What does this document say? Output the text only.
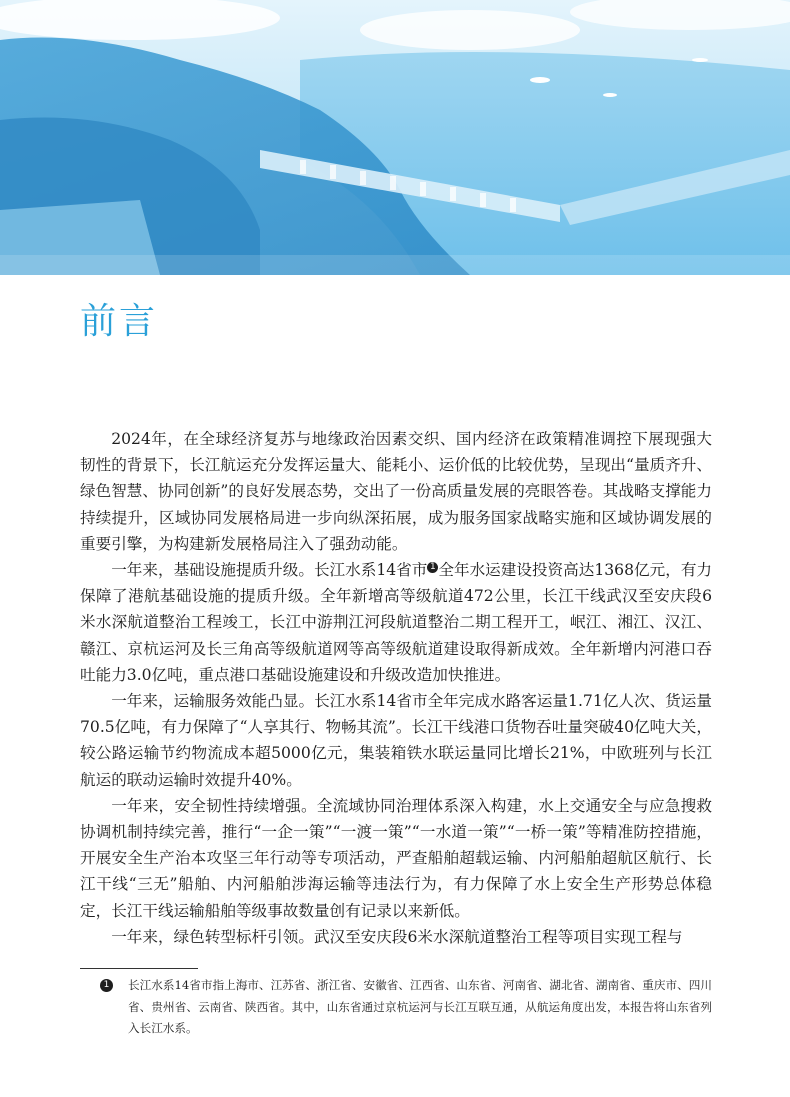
前言

2024年，在全球经济复苏与地缘政治因素交织、国内经济在政策精准调控下展现强大韧性的背景下，长江航运充分发挥运量大、能耗小、运价低的比较优势，呈现出“量质齐升、绿色智慧、协同创新”的良好发展态势，交出了一份高质量发展的亮眼答卷。其战略支撑能力持续提升，区域协同发展格局进一步向纵深拓展，成为服务国家战略实施和区域协调发展的重要引擎，为构建新发展格局注入了强劲动能。

一年来，基础设施提质升级。长江水系14省市 1 全年水运建设投资高达1368亿元，有力保障了港航基础设施的提质升级。全年新增高等级航道472公里，长江干线武汉至安庆段6米水深航道整治工程竣工，长江中游荆江河段航道整治二期工程开工，岷江、湘江、汉江、赣江、京杭运河及长三角高等级航道网等高等级航道建设取得新成效。全年新增内河港口吞吐能力3.0亿吨，重点港口基础设施建设和升级改造加快推进。

一年来，运输服务效能凸显。长江水系14省市全年完成水路客运量1.71亿人次、货运量70.5亿吨，有力保障了“人享其行、物畅其流”。长江干线港口货物吞吐量突破40亿吨大关，较公路运输节约物流成本超5000亿元，集装箱铁水联运量同比增长21%，中欧班列与长江航运的联动运输时效提升40%。

一年来，安全韧性持续增强。全流域协同治理体系深入构建，水上交通安全与应急搜救协调机制持续完善，推行“一企一策”“一渡一策”“一水道一策”“一桥一策”等精准防控措施，开展安全生产治本攻坚三年行动等专项活动，严查船舶超载运输、内河船舶超航区航行、长江干线“三无”船舶、内河船舶涉海运输等违法行为，有力保障了水上安全生产形势总体稳定，长江干线运输船舶等级事故数量创有记录以来新低。

一年来，绿色转型标杆引领。武汉至安庆段6米水深航道整治工程等项目实现工程与

1	长江水系14省市指上海市、江苏省、浙江省、安徽省、江西省、山东省、河南省、湖北省、湖南省、重庆市、四川省、贵州省、云南省、陕西省。其中，山东省通过京杭运河与长江互联互通，从航运角度出发，本报告将山东省列入长江水系。
